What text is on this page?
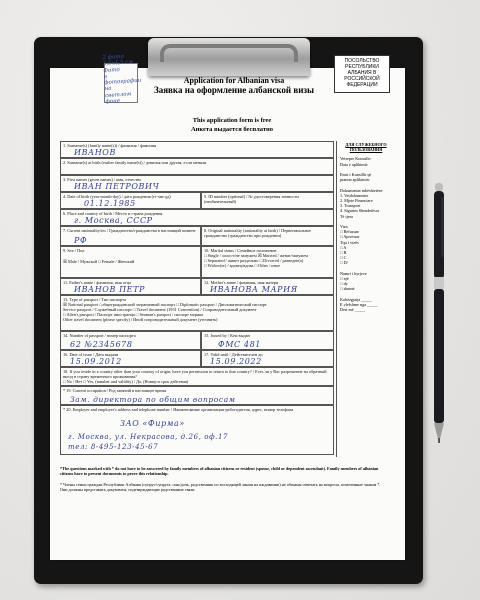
2 фото
3,5x4,5 см
Фото
в фотографии
на светлом
фоне
ПОСОЛЬСТВО РЕСПУБЛИКИ АЛБАНИЯ В РОССИЙСКОЙ ФЕДЕРАЦИИ
Application for Albanian visa
Заявка на оформление албанской визы
This application form is free
Анкета выдается бесплатно
1. Surname(s) (family name(s)) / фамилия / фамилия
ИВАНОВ
2. Surname(s) at birth (earlier family name(s)) / девичья или другая, если меняли
3. First names (given names) / имя, отчество
ИВАН ПЕТРОВИЧ
4. Date of birth (year-month-day) / дата рождения (гг-мм-дд)
01.12.1985
5. ID number (optional) / № удостоверения личности (необязательный)
6. Place and country of birth / Место и страна рождения
г. Москва, СССР
7. Current nationality/ies / Гражданство/гражданства в настоящий момент
РФ
8. Original nationality (nationality at birth) / Первоначальное гражданство (гражданство при рождении)
9. Sex / Пол
☒ Male / Мужской □ Female / Женский
10. Marital status / Семейное положение
□ Single / холост/не замужем ☒ Married / женат/замужем
□ Separated / живет раздельно □ Divorced / разведен(а)
□ Widow(er) / вдовец/вдова □ Other / иное
11. Father's name / фамилия, имя отца
ИВАНОВ ПЕТР
12. Mother's name / фамилия, имя матери
ИВАНОВА МАРИЯ
13. Type of passport / Тип паспорта
☒ National passport / общегражданский заграничный паспорт □ Diplomatic passport / Дипломатический паспорт
Service passport / Служебный паспорт □ Travel document (1951 Convention) / Сопроводительный документ
□ Alien's passport / Паспорт иностранца □ Seaman's passport / паспорт моряка
Other travel document (please specify) / Иной сопроводительный документ (уточнить)
14. Number of passport / номер паспорта
62 №2345678
15. Issued by / Кем выдан
ФМС 481
16. Date of issue / Дата выдачи
15.09.2012
17. Valid until / Действителен до
15.09.2022
18. If you reside in a country other than your country of origin, have you permission to return to that country? / Есть ли у Вас разрешение на обратный въезд в страну временного проживания?
□ No / Нет □ Yes, (number and validity) / Да, (Номер и срок действия)
* 19. Current occupation / Род занятий в настоящее время
Зам. директора по общим вопросам
* 20. Employer and employer's address and telephone number / Наименование организации-работодателя, адрес, номер телефона
ЗАО «Фирма»
г. Москва, ул. Некрасова, д.26, оф.17
тел: 8-495-123-45-67
ДЛЯ СЛУЖЕБНОГО ПОЛЬЗОВАНИЯ
Vetrepre Konsulle:
Data e aplikimit:
Emri i Kunsillit që
pranon aplikimin:
Dokumentat mbështetëse:
1. Vetdokumente
2. Mjete Financiare
3. Transport
4. Sigurim Shendetësor
Të tjera
Viza
□ Refuzuar
□ Aprovuar
Tipi i vizës
□ A
□ B
□ C
□ D/
Numri i hyrjeve
□ një
□ dy
□ shumë
Kohëzgjatja _____
E vlefshme nga _____
Deri më _____
*The questions marked with * do not have to be answered by family members of albanian citizens or resident (spouse, child or dependent ascendant). Family members of albanian citizens have to present documents to prove this relationship.
* Члены семьи граждан Республики Албания (супруг/супруга, сын/дочь, родственник по восходящей линии на иждивении) не обязаны отвечать на вопросы, помеченные знаком *. Они должны представить документы, подтверждающие родственные связи.
